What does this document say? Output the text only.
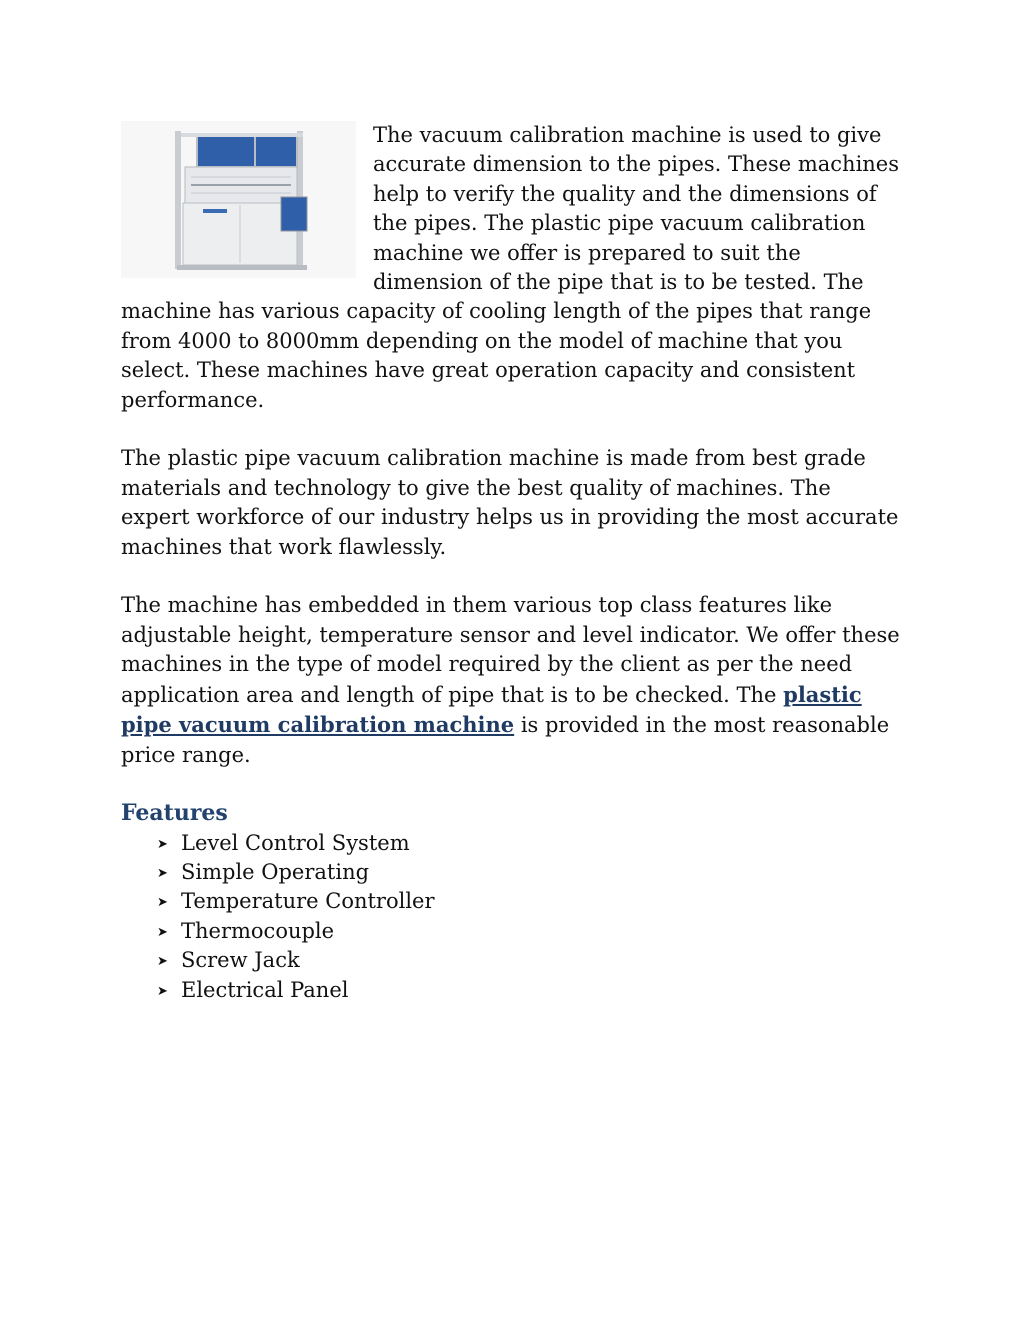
The vacuum calibration machine is used to give accurate dimension to the pipes. These machines help to verify the quality and the dimensions of the pipes. The plastic pipe vacuum calibration machine we offer is prepared to suit the dimension of the pipe that is to be tested. The machine has various capacity of cooling length of the pipes that range from 4000 to 8000mm depending on the model of machine that you select. These machines have great operation capacity and consistent performance.

The plastic pipe vacuum calibration machine is made from best grade materials and technology to give the best quality of machines. The expert workforce of our industry helps us in providing the most accurate machines that work flawlessly.

The machine has embedded in them various top class features like adjustable height, temperature sensor and level indicator. We offer these machines in the type of model required by the client as per the need application area and length of pipe that is to be checked. The plastic pipe vacuum calibration machine is provided in the most reasonable price range.

Features
➤ Level Control System
➤ Simple Operating
➤ Temperature Controller
➤ Thermocouple
➤ Screw Jack
➤ Electrical Panel
